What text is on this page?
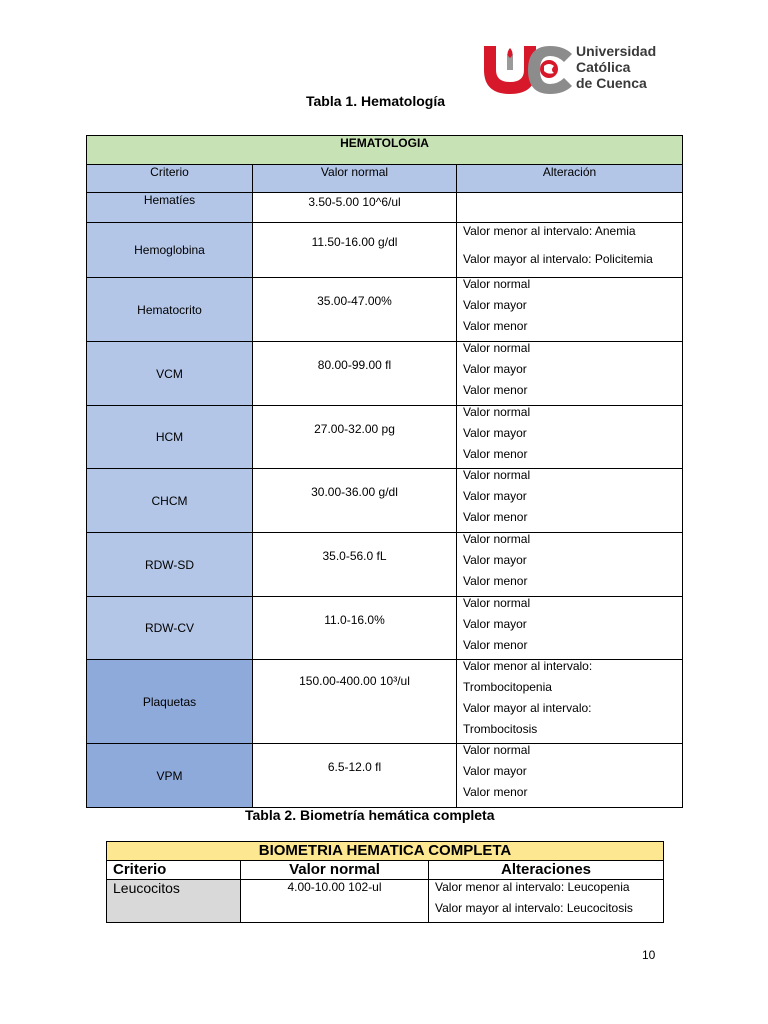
Universidad
Católica
de Cuenca
Tabla 1. Hematología
HEMATOLOGIA		
Criterio	Valor normal	Alteración
Hematíes	3.50-5.00 10^6/ul	
Hemoglobina	11.50-16.00 g/dl	Valor menor al intervalo: Anemia
Valor mayor al intervalo: Policitemia

Hematocrito	35.00-47.00%	Valor normal
Valor mayor
Valor menor

VCM	80.00-99.00 fl	Valor normal
Valor mayor
Valor menor

HCM	27.00-32.00 pg	Valor normal
Valor mayor
Valor menor

CHCM	30.00-36.00 g/dl	Valor normal
Valor mayor
Valor menor

RDW-SD	35.0-56.0 fL	Valor normal
Valor mayor
Valor menor

RDW-CV	11.0-16.0%	Valor normal
Valor mayor
Valor menor

Plaquetas	150.00-400.00 10³/ul	Valor menor al intervalo:
Trombocitopenia
Valor mayor al intervalo:
Trombocitosis

VPM	6.5-12.0 fl	Valor normal
Valor mayor
Valor menor
Tabla 2. Biometría hemática completa
BIOMETRIA HEMATICA COMPLETA		
Criterio	Valor normal	Alteraciones
Leucocitos	4.00-10.00 102-ul	Valor menor al intervalo: Leucopenia
Valor mayor al intervalo: Leucocitosis
10
